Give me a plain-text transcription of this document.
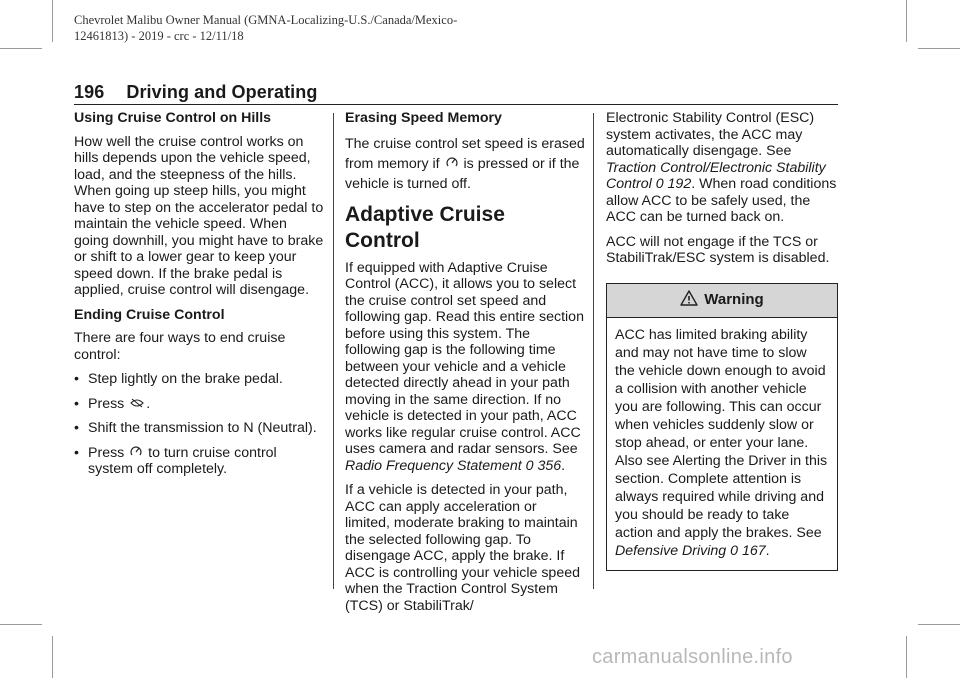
Chevrolet Malibu Owner Manual (GMNA-Localizing-U.S./Canada/Mexico-
12461813) - 2019 - crc - 12/11/18
196 Driving and Operating
Using Cruise Control on Hills

How well the cruise control works on hills depends upon the vehicle speed, load, and the steepness of the hills. When going up steep hills, you might have to step on the accelerator pedal to maintain the vehicle speed. When going downhill, you might have to brake or shift to a lower gear to keep your speed down. If the brake pedal is applied, cruise control will disengage.

Ending Cruise Control

There are four ways to end cruise control:

• Step lightly on the brake pedal.
• Press .
• Shift the transmission to N (Neutral).
• Press to turn cruise control system off completely.
Erasing Speed Memory

The cruise control set speed is erased from memory if is pressed or if the vehicle is turned off.

Adaptive Cruise Control

If equipped with Adaptive Cruise Control (ACC), it allows you to select the cruise control set speed and following gap. Read this entire section before using this system. The following gap is the following time between your vehicle and a vehicle detected directly ahead in your path moving in the same direction. If no vehicle is detected in your path, ACC works like regular cruise control. ACC uses camera and radar sensors. See Radio Frequency Statement 0 356.

If a vehicle is detected in your path, ACC can apply acceleration or limited, moderate braking to maintain the selected following gap. To disengage ACC, apply the brake. If ACC is controlling your vehicle speed when the Traction Control System (TCS) or StabiliTrak/

Electronic Stability Control (ESC) system activates, the ACC may automatically disengage. See Traction Control/Electronic Stability Control 0 192. When road conditions allow ACC to be safely used, the ACC can be turned back on.

ACC will not engage if the TCS or StabiliTrak/ESC system is disabled.

Warning
ACC has limited braking ability and may not have time to slow the vehicle down enough to avoid a collision with another vehicle you are following. This can occur when vehicles suddenly slow or stop ahead, or enter your lane. Also see Alerting the Driver in this section. Complete attention is always required while driving and you should be ready to take action and apply the brakes. See Defensive Driving 0 167.
carmanualsonline.info
